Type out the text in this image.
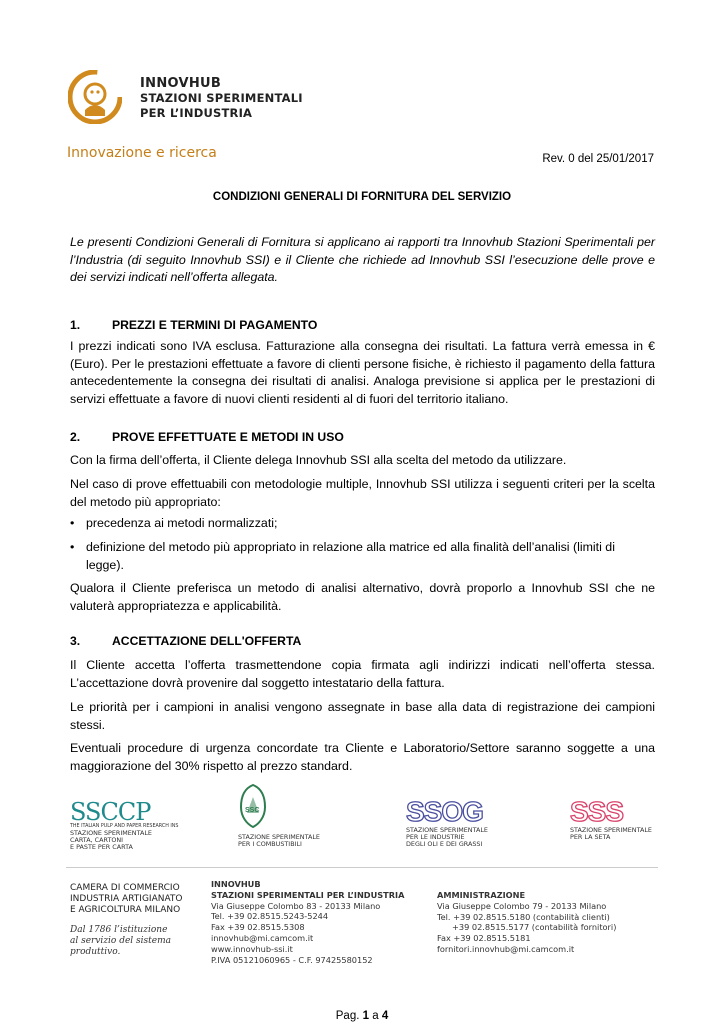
INNOVHUB
STAZIONI SPERIMENTALI
PER L’INDUSTRIA
Innovazione e ricerca	Rev. 0 del 25/01/2017
CONDIZIONI GENERALI DI FORNITURA DEL SERVIZIO
Le presenti Condizioni Generali di Fornitura si applicano ai rapporti tra Innovhub Stazioni Sperimentali per l’Industria (di seguito Innovhub SSI) e il Cliente che richiede ad Innovhub SSI l’esecuzione delle prove e dei servizi indicati nell’offerta allegata.
1.	PREZZI E TERMINI DI PAGAMENTO
I prezzi indicati sono IVA esclusa. Fatturazione alla consegna dei risultati. La fattura verrà emessa in € (Euro). Per le prestazioni effettuate a favore di clienti persone fisiche, è richiesto il pagamento della fattura antecedentemente la consegna dei risultati di analisi. Analoga previsione si applica per le prestazioni di servizi effettuate a favore di nuovi clienti residenti al di fuori del territorio italiano.
2.	PROVE EFFETTUATE E METODI IN USO
Con la firma dell’offerta, il Cliente delega Innovhub SSI alla scelta del metodo da utilizzare.
Nel caso di prove effettuabili con metodologie multiple, Innovhub SSI utilizza i seguenti criteri per la scelta del metodo più appropriato:
• precedenza ai metodi normalizzati;
• definizione del metodo più appropriato in relazione alla matrice ed alla finalità dell’analisi (limiti di legge).
Qualora il Cliente preferisca un metodo di analisi alternativo, dovrà proporlo a Innovhub SSI che ne valuterà appropriatezza e applicabilità.
3.	ACCETTAZIONE DELL'OFFERTA
Il Cliente accetta l’offerta trasmettendone copia firmata agli indirizzi indicati nell’offerta stessa. L’accettazione dovrà provenire dal soggetto intestatario della fattura.
Le priorità per i campioni in analisi vengono assegnate in base alla data di registrazione dei campioni stessi.
Eventuali procedure di urgenza concordate tra Cliente e Laboratorio/Settore saranno soggette a una maggiorazione del 30% rispetto al prezzo standard.
SSCCP
THE ITALIAN PULP AND PAPER RESEARCH INS
STAZIONE SPERIMENTALE
CARTA, CARTONI
E PASTE PER CARTA
SSC
STAZIONE SPERIMENTALE
PER I COMBUSTIBILI
SSOG
STAZIONE SPERIMENTALE
PER LE INDUSTRIE
DEGLI OLI E DEI GRASSI
SSS
STAZIONE SPERIMENTALE
PER LA SETA
CAMERA DI COMMERCIO
INDUSTRIA ARTIGIANATO
E AGRICOLTURA MILANO
Dal 1786 l’istituzione
al servizio del sistema
produttivo.
INNOVHUB
STAZIONI SPERIMENTALI PER L’INDUSTRIA
Via Giuseppe Colombo 83 - 20133 Milano
Tel. +39 02.8515.5243-5244
Fax +39 02.8515.5308
innovhub@mi.camcom.it
www.innovhub-ssi.it
P.IVA 05121060965 - C.F. 97425580152
AMMINISTRAZIONE
Via Giuseppe Colombo 79 - 20133 Milano
Tel. +39 02.8515.5180 (contabilità clienti)
+39 02.8515.5177 (contabilità fornitori)
Fax +39 02.8515.5181
fornitori.innovhub@mi.camcom.it
Pag. 1 a 4
